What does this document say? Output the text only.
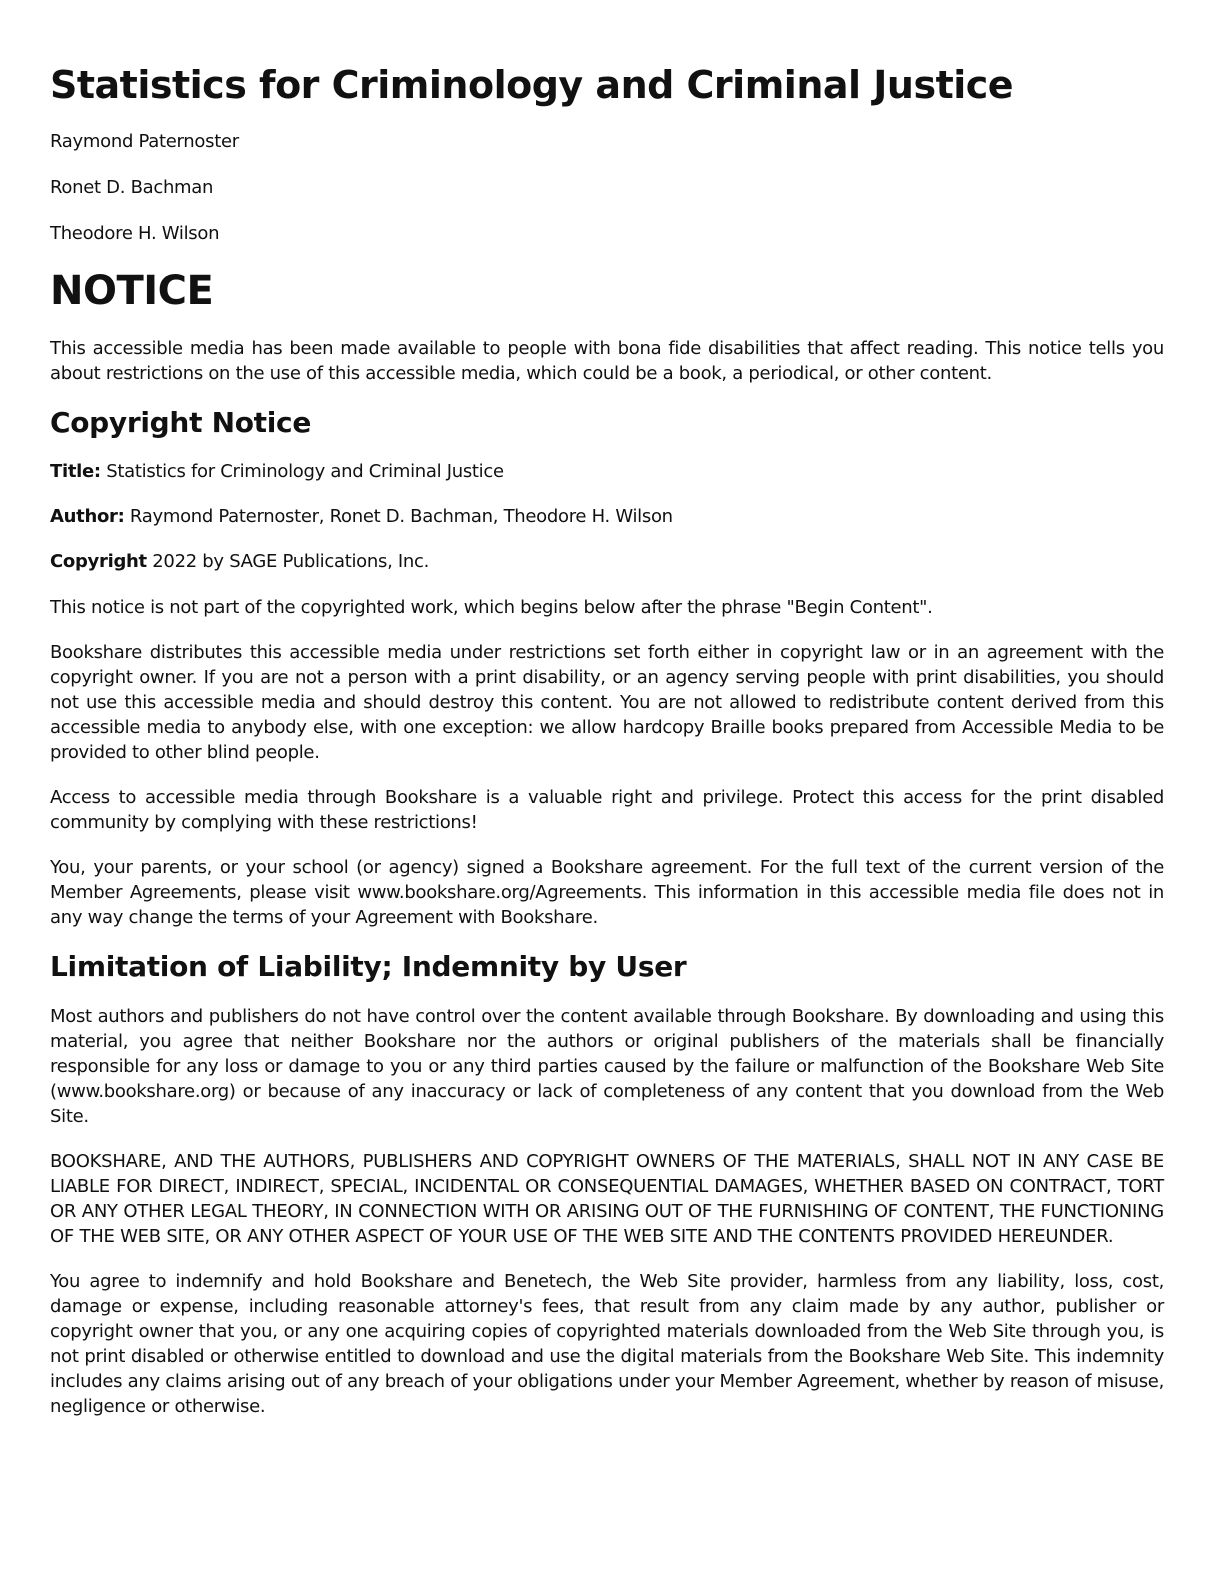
Statistics for Criminology and Criminal Justice

Raymond Paternoster

Ronet D. Bachman

Theodore H. Wilson

NOTICE

This accessible media has been made available to people with bona fide disabilities that affect reading. This notice tells you about restrictions on the use of this accessible media, which could be a book, a periodical, or other content.

Copyright Notice

Title: Statistics for Criminology and Criminal Justice

Author: Raymond Paternoster, Ronet D. Bachman, Theodore H. Wilson

Copyright 2022 by SAGE Publications, Inc.

This notice is not part of the copyrighted work, which begins below after the phrase "Begin Content".

Bookshare distributes this accessible media under restrictions set forth either in copyright law or in an agreement with the copyright owner. If you are not a person with a print disability, or an agency serving people with print disabilities, you should not use this accessible media and should destroy this content. You are not allowed to redistribute content derived from this accessible media to anybody else, with one exception: we allow hardcopy Braille books prepared from Accessible Media to be provided to other blind people.

Access to accessible media through Bookshare is a valuable right and privilege. Protect this access for the print disabled community by complying with these restrictions!

You, your parents, or your school (or agency) signed a Bookshare agreement. For the full text of the current version of the Member Agreements, please visit www.bookshare.org/Agreements. This information in this accessible media file does not in any way change the terms of your Agreement with Bookshare.

Limitation of Liability; Indemnity by User

Most authors and publishers do not have control over the content available through Bookshare. By downloading and using this material, you agree that neither Bookshare nor the authors or original publishers of the materials shall be financially responsible for any loss or damage to you or any third parties caused by the failure or malfunction of the Bookshare Web Site (www.bookshare.org) or because of any inaccuracy or lack of completeness of any content that you download from the Web Site.

BOOKSHARE, AND THE AUTHORS, PUBLISHERS AND COPYRIGHT OWNERS OF THE MATERIALS, SHALL NOT IN ANY CASE BE LIABLE FOR DIRECT, INDIRECT, SPECIAL, INCIDENTAL OR CONSEQUENTIAL DAMAGES, WHETHER BASED ON CONTRACT, TORT OR ANY OTHER LEGAL THEORY, IN CONNECTION WITH OR ARISING OUT OF THE FURNISHING OF CONTENT, THE FUNCTIONING OF THE WEB SITE, OR ANY OTHER ASPECT OF YOUR USE OF THE WEB SITE AND THE CONTENTS PROVIDED HEREUNDER.

You agree to indemnify and hold Bookshare and Benetech, the Web Site provider, harmless from any liability, loss, cost, damage or expense, including reasonable attorney's fees, that result from any claim made by any author, publisher or copyright owner that you, or any one acquiring copies of copyrighted materials downloaded from the Web Site through you, is not print disabled or otherwise entitled to download and use the digital materials from the Bookshare Web Site. This indemnity includes any claims arising out of any breach of your obligations under your Member Agreement, whether by reason of misuse, negligence or otherwise.
